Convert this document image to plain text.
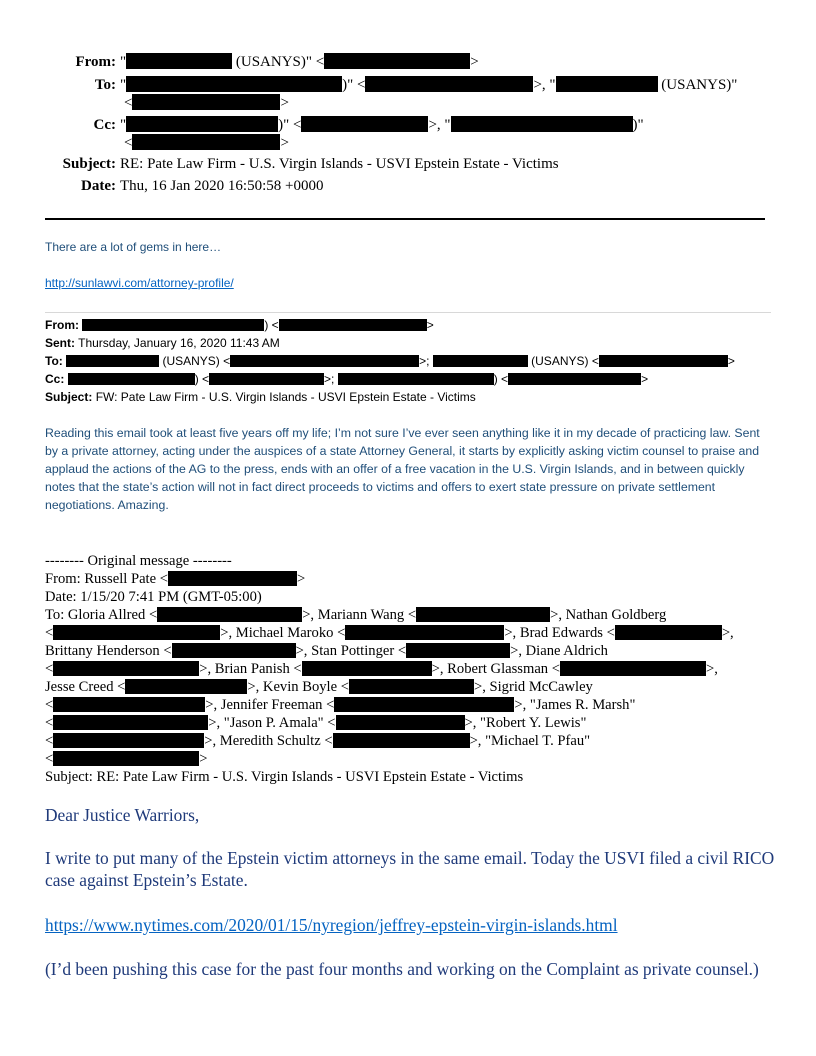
From: "	(USANYS)" <	>
To: "	)" <	>, "	(USANYS)"
<	>
Cc: "	)" <	>, "	)"
<	>
Subject: RE: Pate Law Firm - U.S. Virgin Islands - USVI Epstein Estate - Victims
Date: Thu, 16 Jan 2020 16:50:58 +0000
There are a lot of gems in here…
http://sunlawvi.com/attorney-profile/
From:	) <	>
Sent: Thursday, January 16, 2020 11:43 AM
To:	(USANYS) <	>;	(USANYS) <	>
Cc:	) <	>;	) <	>
Subject: FW: Pate Law Firm - U.S. Virgin Islands - USVI Epstein Estate - Victims
Reading this email took at least five years off my life; I’m not sure I’ve ever seen anything like it in my decade of practicing law. Sent by a private attorney, acting under the auspices of a state Attorney General, it starts by explicitly asking victim counsel to praise and applaud the actions of the AG to the press, ends with an offer of a free vacation in the U.S. Virgin Islands, and in between quickly notes that the state’s action will not in fact direct proceeds to victims and offers to exert state pressure on private settlement negotiations. Amazing.
-------- Original message --------
From: Russell Pate <	>
Date: 1/15/20 7:41 PM (GMT-05:00)
To: Gloria Allred <	>, Mariann Wang <	>, Nathan Goldberg
<	>, Michael Maroko <	>, Brad Edwards <	>,
Brittany Henderson <	>, Stan Pottinger <	>, Diane Aldrich
<	>, Brian Panish <	>, Robert Glassman <	>,
Jesse Creed <	>, Kevin Boyle <	>, Sigrid McCawley
<	>, Jennifer Freeman <	>, "James R. Marsh"
<	>, "Jason P. Amala" <	>, "Robert Y. Lewis"
<	>, Meredith Schultz <	>, "Michael T. Pfau"
<	>
Subject: RE: Pate Law Firm - U.S. Virgin Islands - USVI Epstein Estate - Victims
Dear Justice Warriors,
I write to put many of the Epstein victim attorneys in the same email. Today the USVI filed a civil RICO case against Epstein’s Estate.
https://www.nytimes.com/2020/01/15/nyregion/jeffrey-epstein-virgin-islands.html
(I’d been pushing this case for the past four months and working on the Complaint as private counsel.)
